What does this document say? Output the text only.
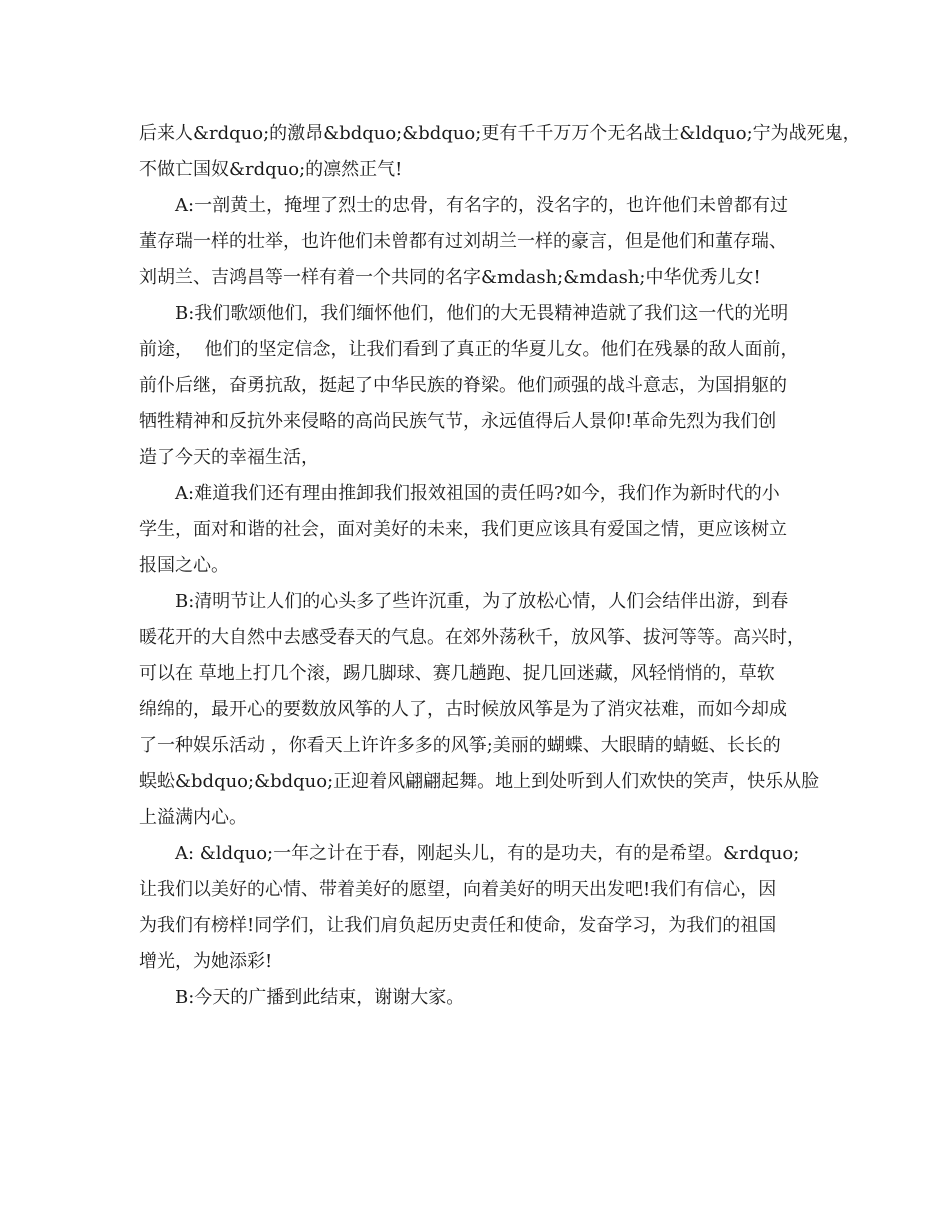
后来人&rdquo;的激昂&bdquo;&bdquo;更有千千万万个无名战士&ldquo;宁为战死鬼，
不做亡国奴&rdquo;的凛然正气!
A:一剖黄土，掩埋了烈士的忠骨，有名字的，没名字的，也许他们未曾都有过
董存瑞一样的壮举，也许他们未曾都有过刘胡兰一样的豪言，但是他们和董存瑞、
刘胡兰、吉鸿昌等一样有着一个共同的名字&mdash;&mdash;中华优秀儿女!
B:我们歌颂他们，我们缅怀他们，他们的大无畏精神造就了我们这一代的光明
前途，  他们的坚定信念，让我们看到了真正的华夏儿女。他们在残暴的敌人面前，
前仆后继，奋勇抗敌，挺起了中华民族的脊梁。他们顽强的战斗意志，为国捐躯的
牺牲精神和反抗外来侵略的高尚民族气节，永远值得后人景仰!革命先烈为我们创
造了今天的幸福生活，
A:难道我们还有理由推卸我们报效祖国的责任吗?如今，我们作为新时代的小
学生，面对和谐的社会，面对美好的未来，我们更应该具有爱国之情，更应该树立
报国之心。
B:清明节让人们的心头多了些许沉重，为了放松心情，人们会结伴出游，到春
暖花开的大自然中去感受春天的气息。在郊外荡秋千，放风筝、拔河等等。高兴时，
可以在 草地上打几个滚，踢几脚球、赛几趟跑、捉几回迷藏，风轻悄悄的，草软
绵绵的，最开心的要数放风筝的人了，古时候放风筝是为了消灾祛难，而如今却成
了一种娱乐活动 ，你看天上许许多多的风筝;美丽的蝴蝶、大眼睛的蜻蜓、长长的
蜈蚣&bdquo;&bdquo;正迎着风翩翩起舞。地上到处听到人们欢快的笑声，快乐从脸
上溢满内心。
A: &ldquo;一年之计在于春，刚起头儿，有的是功夫，有的是希望。&rdquo;
让我们以美好的心情、带着美好的愿望，向着美好的明天出发吧!我们有信心，因
为我们有榜样!同学们，让我们肩负起历史责任和使命，发奋学习，为我们的祖国
增光，为她添彩!
B:今天的广播到此结束，谢谢大家。
